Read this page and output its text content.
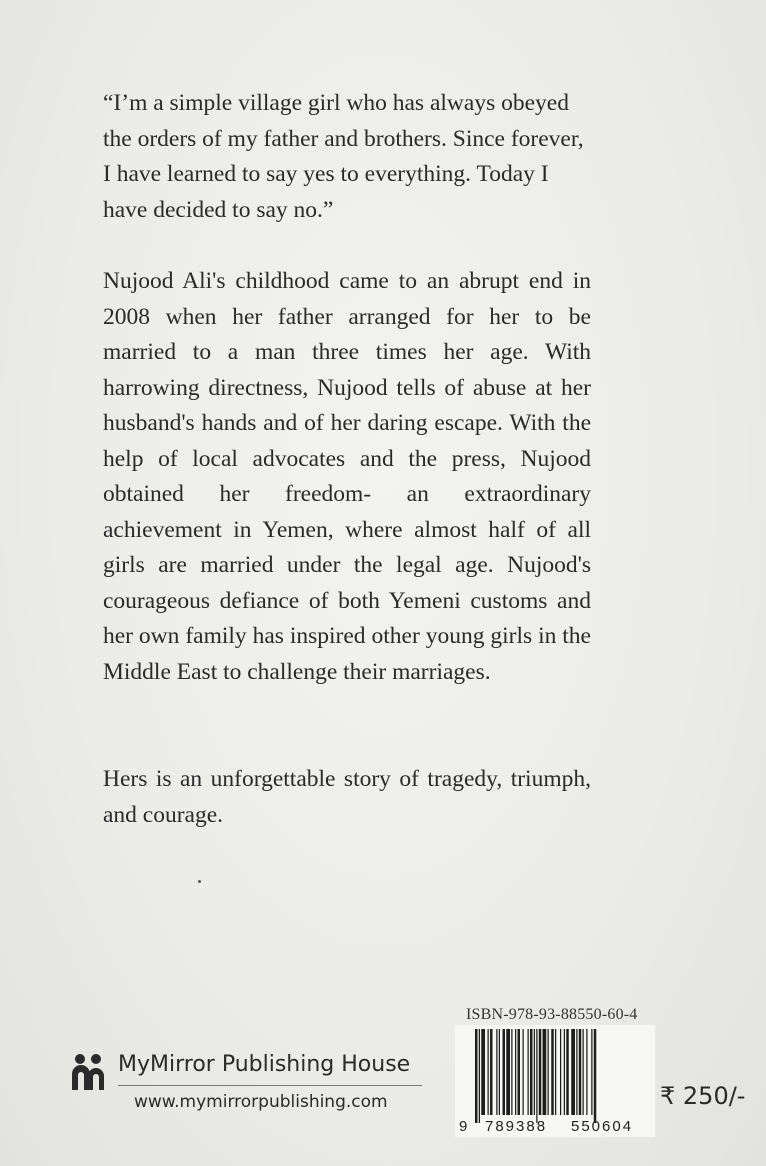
“I’m a simple village girl who has always obeyed the orders of my father and brothers. Since forever, I have learned to say yes to everything. Today I have decided to say no.”

Nujood Ali's childhood came to an abrupt end in 2008 when her father arranged for her to be married to a man three times her age. With harrowing directness, Nujood tells of abuse at her husband's hands and of her daring escape. With the help of local advocates and the press, Nujood obtained her freedom- an extraordinary achievement in Yemen, where almost half of all girls are married under the legal age. Nujood's courageous defiance of both Yemeni customs and her own family has inspired other young girls in the Middle East to challenge their marriages.

Hers is an unforgettable story of tragedy, triumph, and courage.

MyMirror Publishing House
www.mymirrorpublishing.com
ISBN-978-93-88550-60-4
9 789388 550604
₹ 250/-
